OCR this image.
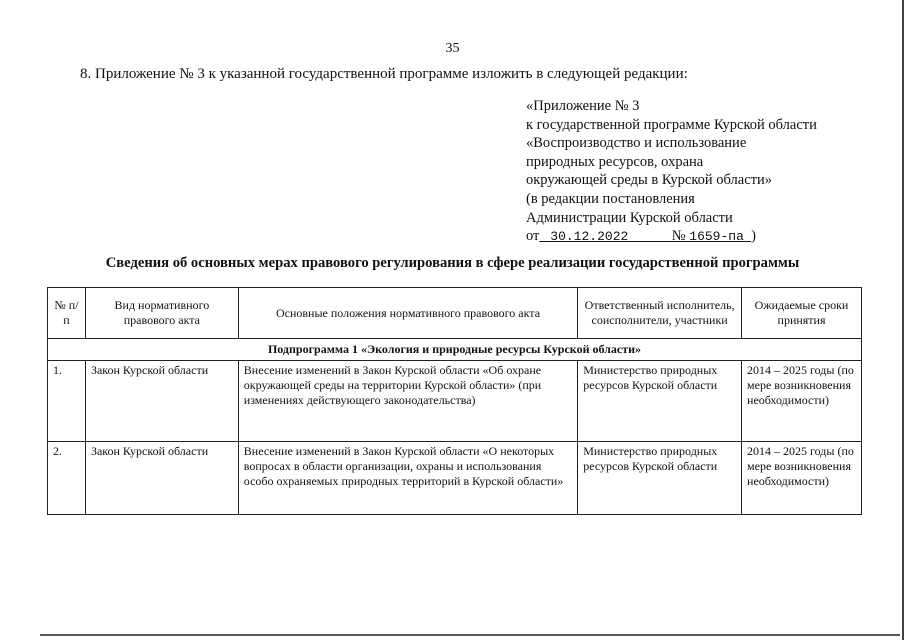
35
8. Приложение № 3 к указанной государственной программе изложить в следующей редакции:
«Приложение № 3
к государственной программе Курской области
«Воспроизводство и использование
природных ресурсов, охрана
окружающей среды в Курской области»
(в редакции постановления
Администрации Курской области
от 30.12.2022	№ 1659-па )
Сведения об основных мерах правового регулирования в сфере реализации государственной программы
№ п/п	Вид нормативного правового акта	Основные положения нормативного правового акта	Ответственный исполнитель, соисполнители, участники	Ожидаемые сроки принятия
Подпрограмма 1 «Экология и природные ресурсы Курской области»				
1.	Закон Курской области	Внесение изменений в Закон Курской области «Об охране окружающей среды на территории Курской области» (при изменениях действующего законодательства)	Министерство природных ресурсов Курской области	2014 – 2025 годы (по мере возникновения необходимости)
2.	Закон Курской области	Внесение изменений в Закон Курской области «О некоторых вопросах в области организации, охраны и использования особо охраняемых природных территорий в Курской области»	Министерство природных ресурсов Курской области	2014 – 2025 годы (по мере возникновения необходимости)
